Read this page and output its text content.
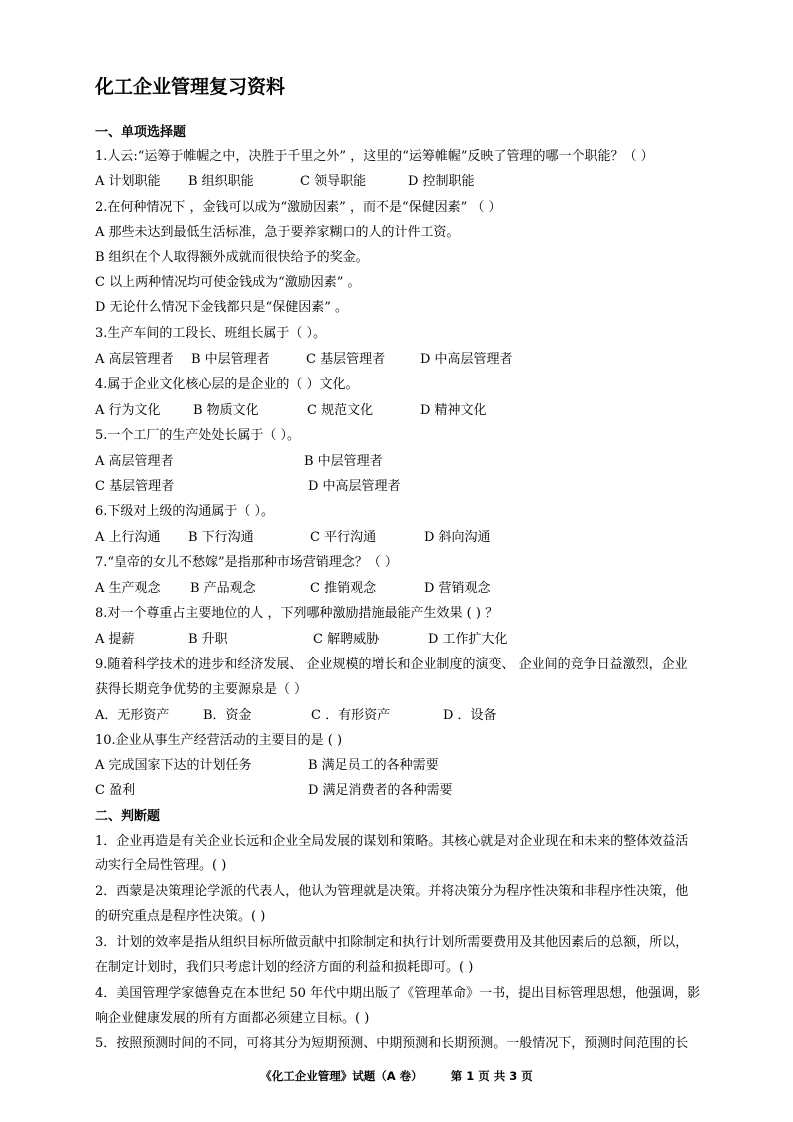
化工企业管理复习资料
一、单项选择题
1.人云:“运筹于帷幄之中，决胜于千里之外” ，这里的“运筹帷幄”反映了管理的哪一个职能？（ ）
A 计划职能 B 组织职能	C 领导职能	D 控制职能
2.在何种情况下 ，金钱可以成为“激励因素” ，而不是“保健因素” （ ）
A 那些未达到最低生活标准，急于要养家糊口的人的计件工资。
B 组织在个人取得额外成就而很快给予的奖金。
C 以上两种情况均可使金钱成为“激励因素” 。
D 无论什么情况下金钱都只是“保健因素” 。
3.生产车间的工段长、班组长属于（ ）。
A 高层管理者 B 中层管理者	C 基层管理者	D 中高层管理者
4.属于企业文化核心层的是企业的（ ）文化。
A 行为文化 B 物质文化	C 规范文化	D 精神文化
5.一个工厂的生产处处长属于（ ）。
A 高层管理者	B 中层管理者
C 基层管理者	D 中高层管理者
6.下级对上级的沟通属于（ ）。
A 上行沟通 B 下行沟通	C 平行沟通	D 斜向沟通
7.“皇帝的女儿不愁嫁”是指那种市场营销理念？（ ）
A 生产观念 B 产品观念	C 推销观念	D 营销观念
8.对一个尊重占主要地位的人 ，下列哪种激励措施最能产生效果 ( ) ？
A 提薪	B 升职	C 解聘威胁	D 工作扩大化
9.随着科学技术的进步和经济发展、 企业规模的增长和企业制度的演变、 企业间的竞争日益激烈，企业
获得长期竞争优势的主要源泉是（ ）
A．无形资产	B．资金	C ．有形资产	D ．设备
10.企业从事生产经营活动的主要目的是 ( )
A 完成国家下达的计划任务	B 满足员工的各种需要
C 盈利	D 满足消费者的各种需要
二、判断题
1．企业再造是有关企业长远和企业全局发展的谋划和策略。其核心就是对企业现在和未来的整体效益活
动实行全局性管理。( )
2．西蒙是决策理论学派的代表人，他认为管理就是决策。并将决策分为程序性决策和非程序性决策，他
的研究重点是程序性决策。( )
3．计划的效率是指从组织目标所做贡献中扣除制定和执行计划所需要费用及其他因素后的总额，所以，
在制定计划时，我们只考虑计划的经济方面的利益和损耗即可。( )
4．美国管理学家德鲁克在本世纪 50 年代中期出版了《管理革命》一书，提出目标管理思想，他强调，影
响企业健康发展的所有方面都必须建立目标。( )
5．按照预测时间的不同，可将其分为短期预测、中期预测和长期预测。一般情况下，预测时间范围的长
《化工企业管理》试题（A 卷） 第 1 页 共 3 页
